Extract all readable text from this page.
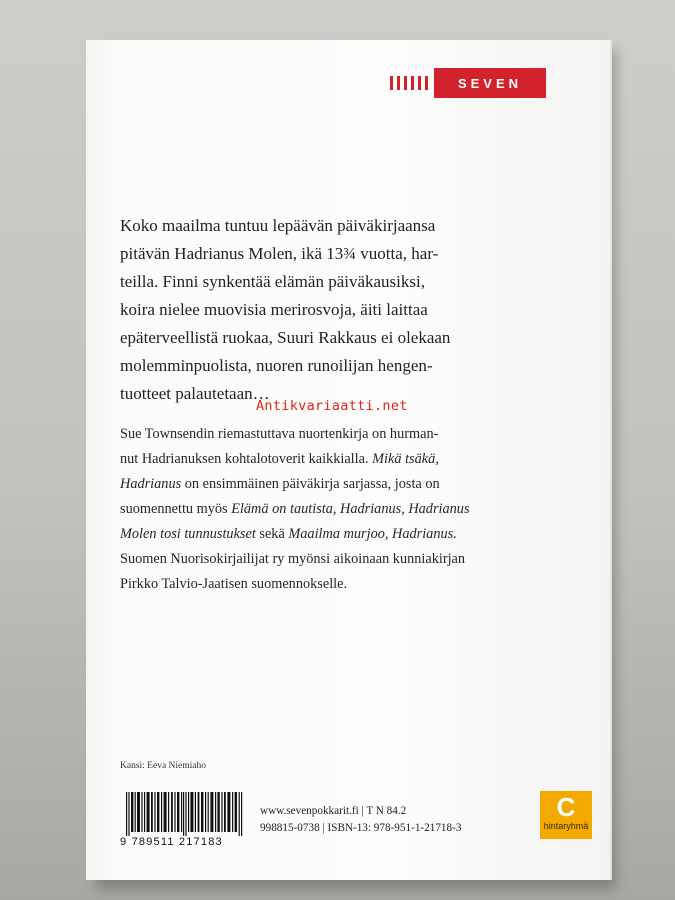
SEVEN

Koko maailma tuntuu lepäävän päiväkirjaansa
pitävän Hadrianus Molen, ikä 13¾ vuotta, har-
teilla. Finni synkentää elämän päiväkausiksi,
koira nielee muovisia merirosvoja, äiti laittaa
epäterveellistä ruokaa, Suuri Rakkaus ei olekaan
molemminpuolista, nuoren runoilijan hengen-
tuotteet palautetaan…

Antikvariaatti.net

Sue Townsendin riemastuttava nuortenkirja on hurman-
nut Hadrianuksen kohtalotoverit kaikkialla. Mikä tsäkä,
Hadrianus on ensimmäinen päiväkirja sarjassa, josta on
suomennettu myös Elämä on tautista, Hadrianus, Hadrianus
Molen tosi tunnustukset sekä Maailma murjoo, Hadrianus.
Suomen Nuorisokirjailijat ry myönsi aikoinaan kunniakirjan
Pirkko Talvio-Jaatisen suomennokselle.

Kansi: Eeva Niemiaho
9 789511 217183
www.sevenpokkarit.fi | T N 84.2
998815-0738 | ISBN-13: 978-951-1-21718-3
C
hintaryhmä
